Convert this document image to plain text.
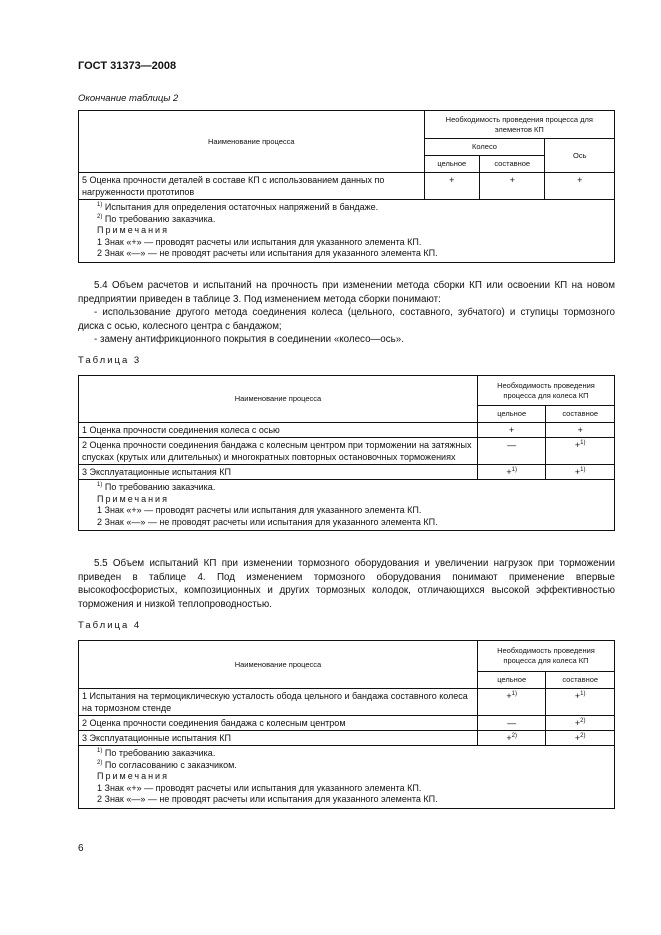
ГОСТ 31373—2008
Окончание таблицы 2
Наименование процесса	Необходимость проведения процесса для элементов КП		
	Колесо		Ось
	цельное	составное	
5 Оценка прочности деталей в составе КП с использованием данных по нагруженности прототипов	+	+	+

$^{1)}$ Испытания для определения остаточных напряжений в бандаже.
$^{2)}$ По требованию заказчика.
Примечания
1 Знак «+» — проводят расчеты или испытания для указанного элемента КП.
2 Знак «—» — не проводят расчеты или испытания для указанного элемента КП.			
5.4 Объем расчетов и испытаний на прочность при изменении метода сборки КП или освоении КП на новом предприятии приведен в таблице 3. Под изменением метода сборки понимают:
- использование другого метода соединения колеса (цельного, составного, зубчатого) и ступицы тормозного диска с осью, колесного центра с бандажом;
- замену антифрикционного покрытия в соединении «колесо—ось».
Таблица 3
Наименование процесса	Необходимость проведения процесса для колеса КП	
	цельное	составное
1 Оценка прочности соединения колеса с осью	+	+
2 Оценка прочности соединения бандажа с колесным центром при торможении на затяжных спусках (крутых или длительных) и многократных повторных остановочных торможениях	—	+$^{1)}$
3 Эксплуатационные испытания КП	+$^{1)}$	+$^{1)}$

$^{1)}$ По требованию заказчика.
Примечания
1 Знак «+» — проводят расчеты или испытания для указанного элемента КП.
2 Знак «—» — не проводят расчеты или испытания для указанного элемента КП.		
5.5 Объем испытаний КП при изменении тормозного оборудования и увеличении нагрузок при торможении приведен в таблице 4. Под изменением тормозного оборудования понимают применение впервые высокофосфористых, композиционных и других тормозных колодок, отличающихся высокой эффективностью торможения и низкой теплопроводностью.
Таблица 4
Наименование процесса	Необходимость проведения процесса для колеса КП	
	цельное	составное
1 Испытания на термоциклическую усталость обода цельного и бандажа составного колеса на тормозном стенде	+$^{1)}$	+$^{1)}$
2 Оценка прочности соединения бандажа с колесным центром	—	+$^{2)}$
3 Эксплуатационные испытания КП	+$^{2)}$	+$^{2)}$

$^{1)}$ По требованию заказчика.
$^{2)}$ По согласованию с заказчиком.
Примечания
1 Знак «+» — проводят расчеты или испытания для указанного элемента КП.
2 Знак «—» — не проводят расчеты или испытания для указанного элемента КП.		
6
